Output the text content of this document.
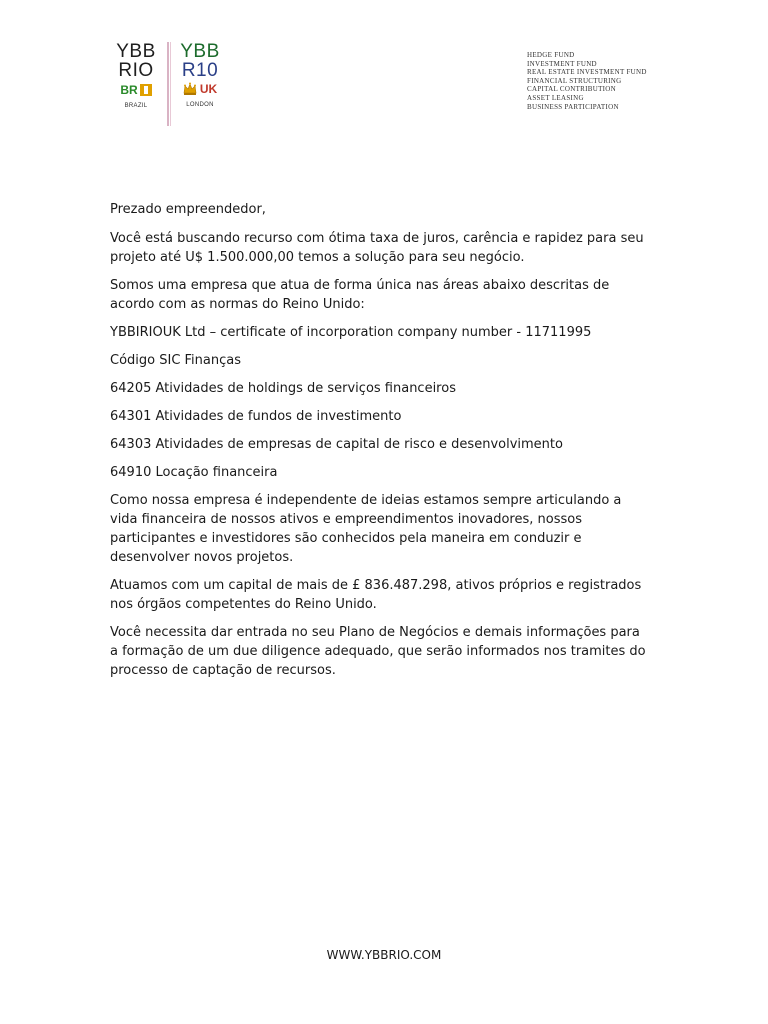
YBB
RIO
BR
BRAZIL
YBB
R10
UK
LONDON
HEDGE FUND
INVESTMENT FUND
REAL ESTATE INVESTMENT FUND
FINANCIAL STRUCTURING
CAPITAL CONTRIBUTION
ASSET LEASING
BUSINESS PARTICIPATION

Prezado empreendedor,

Você está buscando recurso com ótima taxa de juros, carência e rapidez para seu projeto até U$ 1.500.000,00 temos a solução para seu negócio.

Somos uma empresa que atua de forma única nas áreas abaixo descritas de acordo com as normas do Reino Unido:

YBBIRIOUK Ltd – certificate of incorporation company number - 11711995

Código SIC Finanças

64205 Atividades de holdings de serviços financeiros

64301 Atividades de fundos de investimento

64303 Atividades de empresas de capital de risco e desenvolvimento

64910 Locação financeira

Como nossa empresa é independente de ideias estamos sempre articulando a vida financeira de nossos ativos e empreendimentos inovadores, nossos participantes e investidores são conhecidos pela maneira em conduzir e desenvolver novos projetos.

Atuamos com um capital de mais de £ 836.487.298, ativos próprios e registrados nos órgãos competentes do Reino Unido.

Você necessita dar entrada no seu Plano de Negócios e demais informações para a formação de um due diligence adequado, que serão informados nos tramites do processo de captação de recursos.

WWW.YBBRIO.COM
